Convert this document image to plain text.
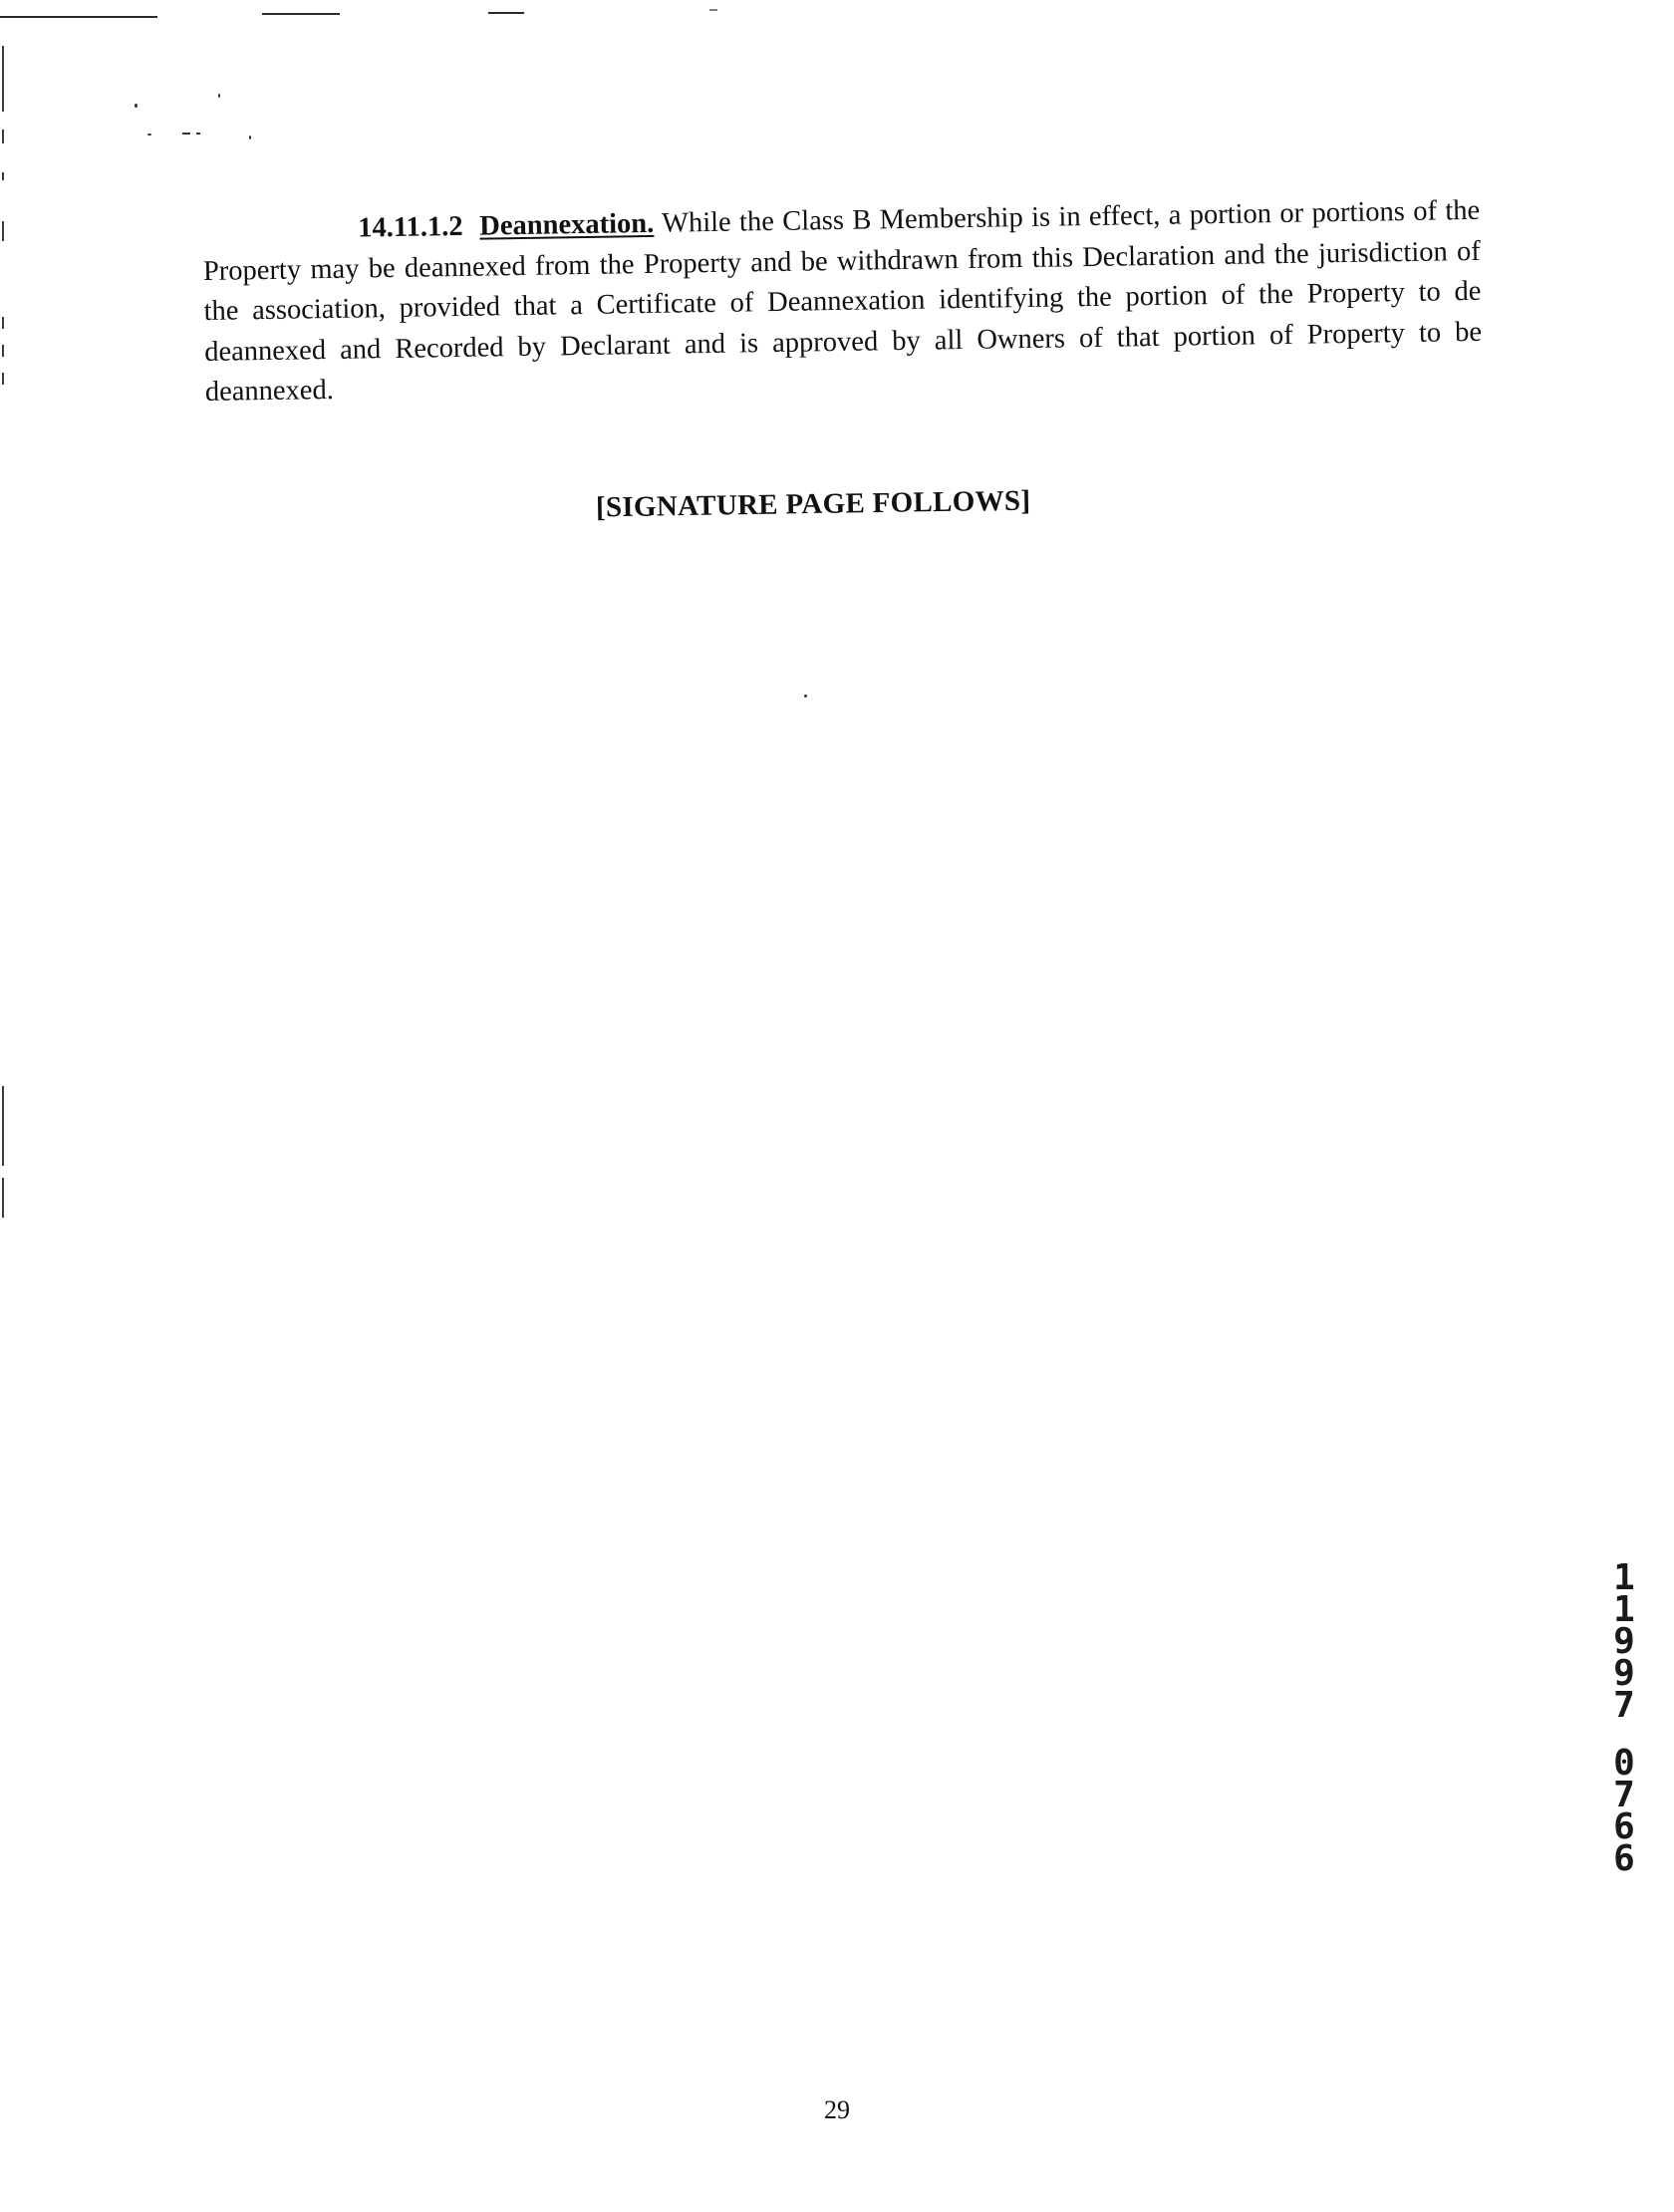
14.11.1.2 Deannexation. While the Class B Membership is in effect, a portion or portions of the Property may be deannexed from the Property and be withdrawn from this Declaration and the jurisdiction of the association, provided that a Certificate of Deannexation identifying the portion of the Property to de deannexed and Recorded by Declarant and is approved by all Owners of that portion of Property to be deannexed.

[SIGNATURE PAGE FOLLOWS]

1
1
9
9
7
0
7
6
6

29
